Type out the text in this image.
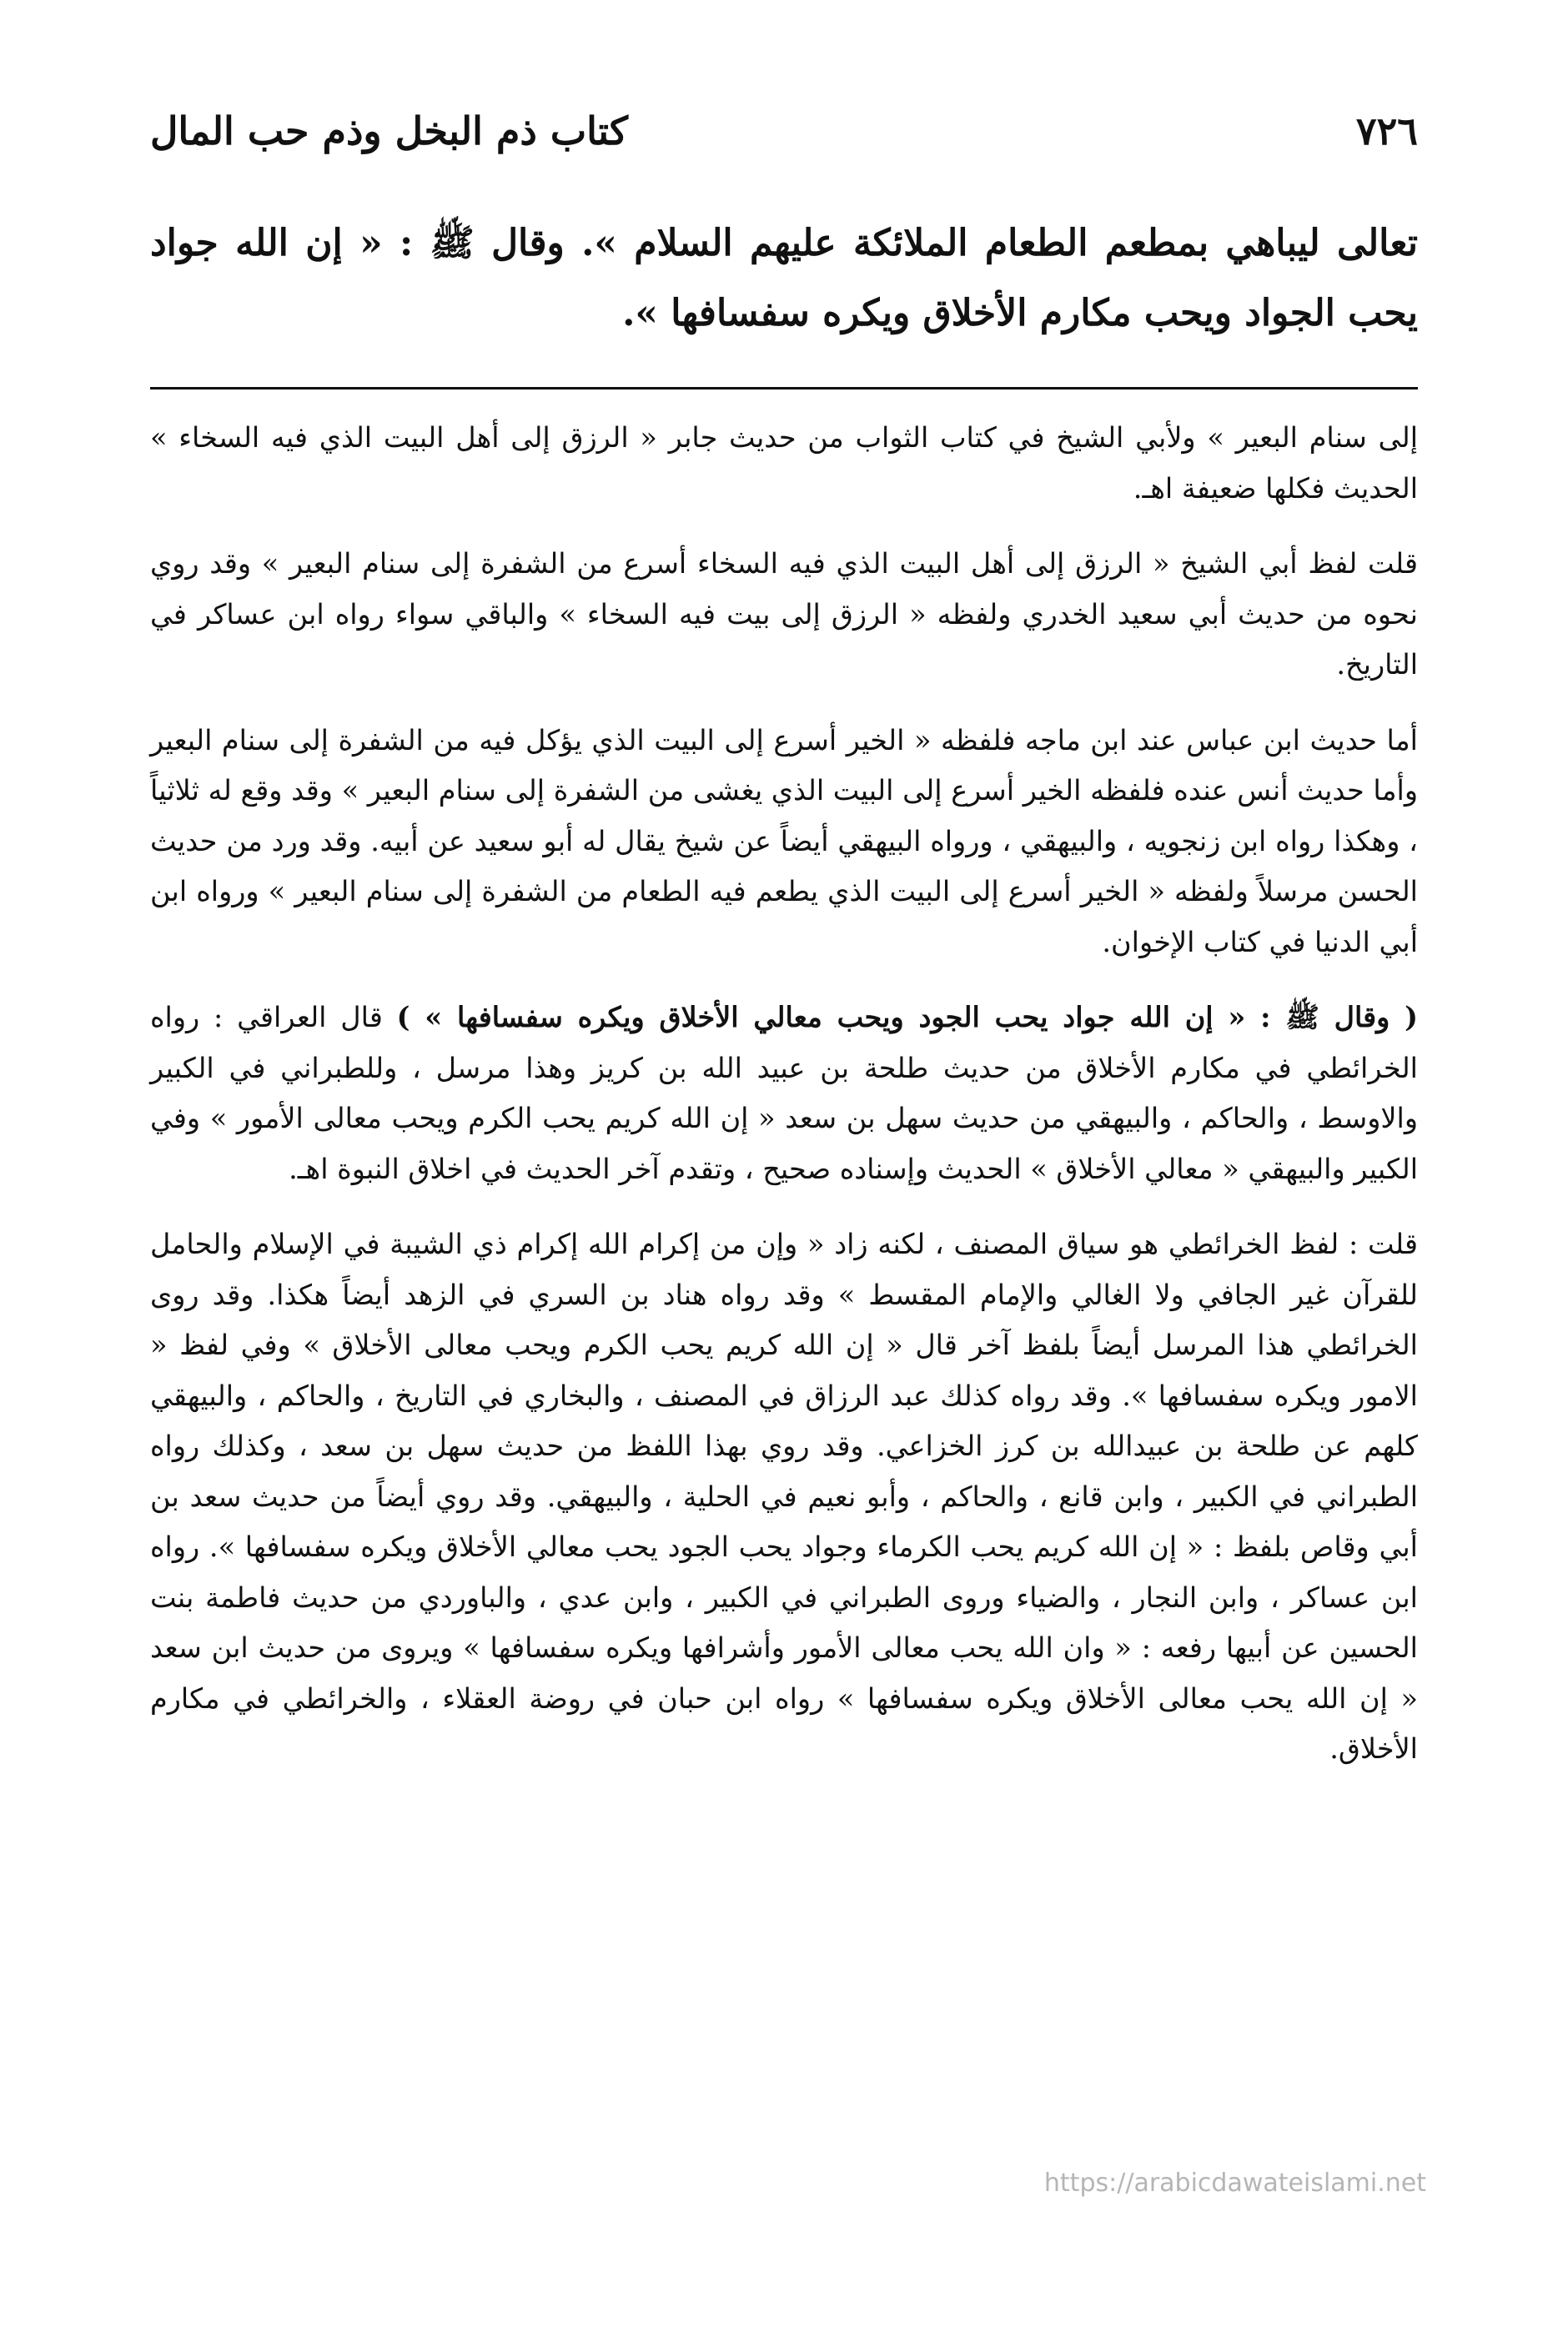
٧٢٦
كتاب ذم البخل وذم حب المال
تعالى ليباهي بمطعم الطعام الملائكة عليهم السلام ». وقال ﷺ : « إن الله جواد يحب الجواد ويحب مكارم الأخلاق ويكره سفسافها ».

إلى سنام البعير » ولأبي الشيخ في كتاب الثواب من حديث جابر « الرزق إلى أهل البيت الذي فيه السخاء » الحديث فكلها ضعيفة اهـ.

قلت لفظ أبي الشيخ « الرزق إلى أهل البيت الذي فيه السخاء أسرع من الشفرة إلى سنام البعير » وقد روي نحوه من حديث أبي سعيد الخدري ولفظه « الرزق إلى بيت فيه السخاء » والباقي سواء رواه ابن عساكر في التاريخ.

أما حديث ابن عباس عند ابن ماجه فلفظه « الخير أسرع إلى البيت الذي يؤكل فيه من الشفرة إلى سنام البعير وأما حديث أنس عنده فلفظه الخير أسرع إلى البيت الذي يغشى من الشفرة إلى سنام البعير » وقد وقع له ثلاثياً ، وهكذا رواه ابن زنجويه ، والبيهقي ، ورواه البيهقي أيضاً عن شيخ يقال له أبو سعيد عن أبيه. وقد ورد من حديث الحسن مرسلاً ولفظه « الخير أسرع إلى البيت الذي يطعم فيه الطعام من الشفرة إلى سنام البعير » ورواه ابن أبي الدنيا في كتاب الإخوان.

( وقال ﷺ : « إن الله جواد يحب الجود ويحب معالي الأخلاق ويكره سفسافها » ) قال العراقي : رواه الخرائطي في مكارم الأخلاق من حديث طلحة بن عبيد الله بن كريز وهذا مرسل ، وللطبراني في الكبير والاوسط ، والحاكم ، والبيهقي من حديث سهل بن سعد « إن الله كريم يحب الكرم ويحب معالى الأمور » وفي الكبير والبيهقي « معالي الأخلاق » الحديث وإسناده صحيح ، وتقدم آخر الحديث في اخلاق النبوة اهـ.

قلت : لفظ الخرائطي هو سياق المصنف ، لكنه زاد « وإن من إكرام الله إكرام ذي الشيبة في الإسلام والحامل للقرآن غير الجافي ولا الغالي والإمام المقسط » وقد رواه هناد بن السري في الزهد أيضاً هكذا. وقد روى الخرائطي هذا المرسل أيضاً بلفظ آخر قال « إن الله كريم يحب الكرم ويحب معالى الأخلاق » وفي لفظ « الامور ويكره سفسافها ». وقد رواه كذلك عبد الرزاق في المصنف ، والبخاري في التاريخ ، والحاكم ، والبيهقي كلهم عن طلحة بن عبيدالله بن كرز الخزاعي. وقد روي بهذا اللفظ من حديث سهل بن سعد ، وكذلك رواه الطبراني في الكبير ، وابن قانع ، والحاكم ، وأبو نعيم في الحلية ، والبيهقي. وقد روي أيضاً من حديث سعد بن أبي وقاص بلفظ : « إن الله كريم يحب الكرماء وجواد يحب الجود يحب معالي الأخلاق ويكره سفسافها ». رواه ابن عساكر ، وابن النجار ، والضياء وروى الطبراني في الكبير ، وابن عدي ، والباوردي من حديث فاطمة بنت الحسين عن أبيها رفعه : « وان الله يحب معالى الأمور وأشرافها ويكره سفسافها » ويروى من حديث ابن سعد « إن الله يحب معالى الأخلاق ويكره سفسافها » رواه ابن حبان في روضة العقلاء ، والخرائطي في مكارم الأخلاق.

https://arabicdawateislami.net
